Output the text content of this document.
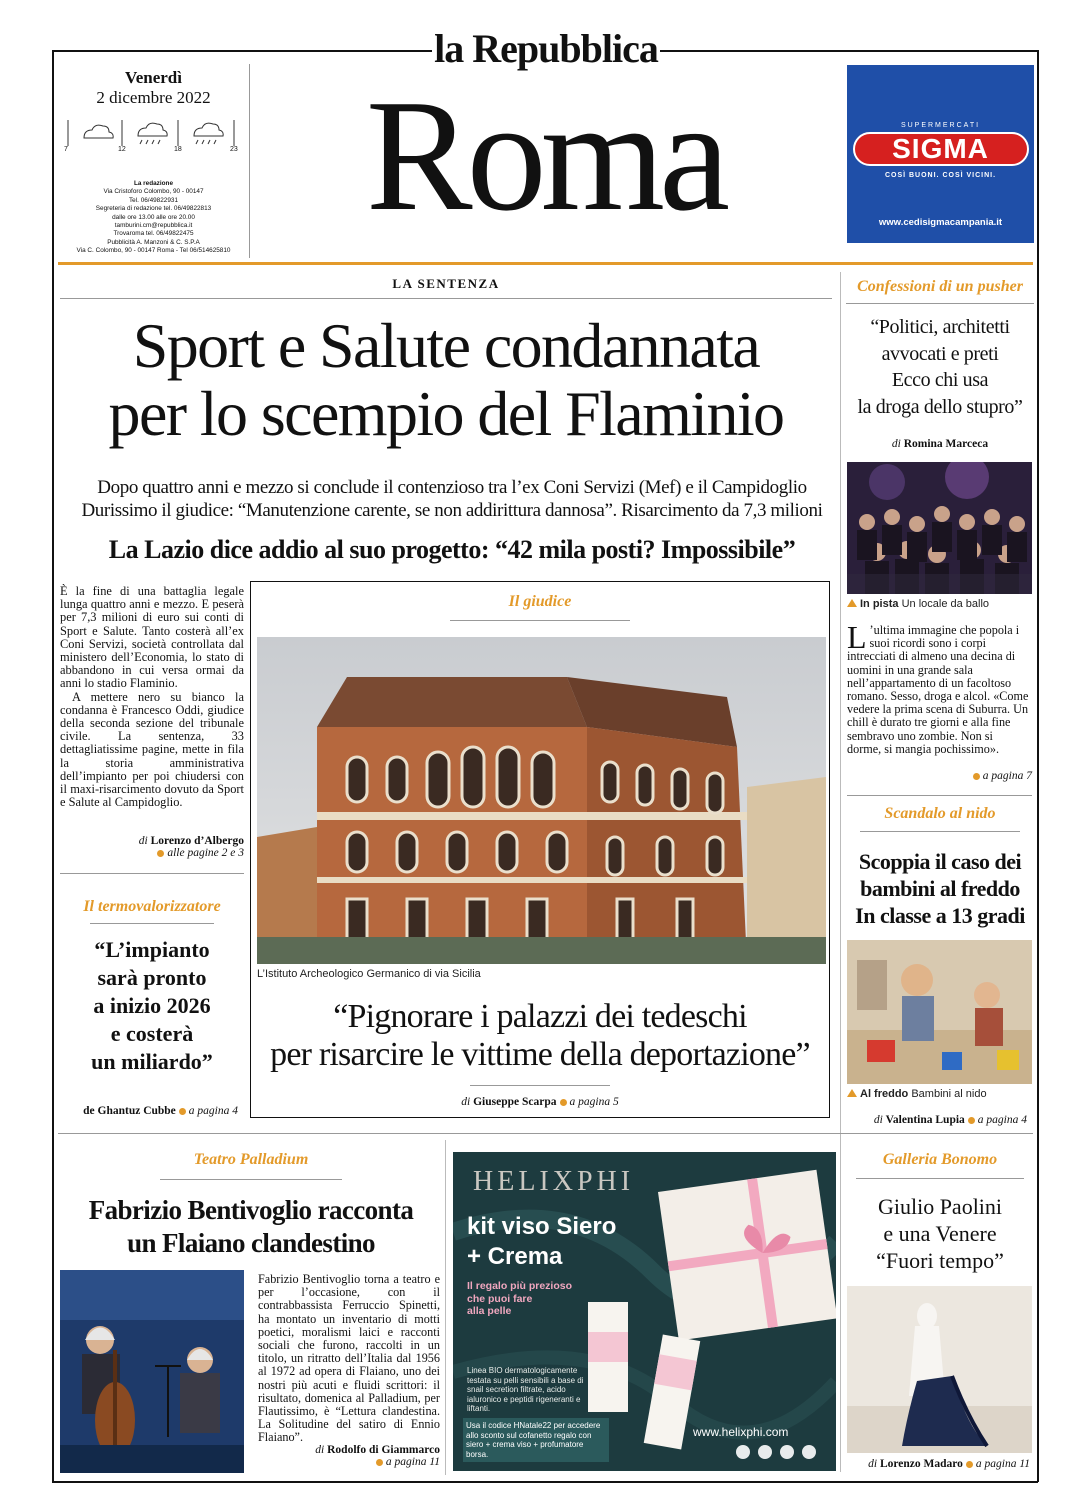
la Repubblica
Venerdì
2 dicembre 2022
7	12	18	23
La redazione
Via Cristoforo Colombo, 90 - 00147
Tel. 06/49822931
Segreteria di redazione tel. 06/49822813
dalle ore 13.00 alle ore 20.00
tamburini.cm@repubblica.it
Trovaroma tel. 06/49822475
Pubblicità A. Manzoni & C. S.P.A
Via C. Colombo, 90 - 00147 Roma - Tel 06/514625810
Roma	SUPERMERCATI
SIGMA
COSÌ BUONI. COSÌ VICINI.
www.cedisigmacampania.it
LA SENTENZA
Sport e Salute condannata
per lo scempio del Flaminio
Dopo quattro anni e mezzo si conclude il contenzioso tra l’ex Coni Servizi (Mef) e il Campidoglio
Durissimo il giudice: “Manutenzione carente, se non addirittura dannosa”. Risarcimento da 7,3 milioni
La Lazio dice addio al suo progetto: “42 mila posti? Impossibile”

È la fine di una battaglia legale lunga quattro anni e mezzo. E peserà per 7,3 milioni di euro sui conti di Sport e Salute. Tanto costerà all’ex Coni Servizi, società controllata dal ministero dell’Economia, lo stato di abbandono in cui versa ormai da anni lo stadio Flaminio.

A mettere nero su bianco la condanna è Francesco Oddi, giudice della seconda sezione del tribunale civile. La sentenza, 33 dettagliatissime pagine, mette in fila la storia amministrativa dell’impianto per poi chiudersi con il maxi-risarcimento dovuto da Sport e Salute al Campidoglio.

di Lorenzo d’Albergo
alle pagine 2 e 3
Il termovalorizzatore
“L’impianto
sarà pronto
a inizio 2026
e costerà
un miliardo”
de Ghantuz Cubbe a pagina 4
Il giudice
L’Istituto Archeologico Germanico di via Sicilia
“Pignorare i palazzi dei tedeschi
per risarcire le vittime della deportazione”
di Giuseppe Scarpa a pagina 5
Confessioni di un pusher
“Politici, architetti
avvocati e preti
Ecco chi usa
la droga dello stupro”
di Romina Marceca
In pista Un locale da ballo
L ’ultima immagine che popola i suoi ricordi sono i corpi intrecciati di almeno una decina di uomini in una grande sala nell’appartamento di un facoltoso romano. Sesso, droga e alcol. «Come vedere la prima scena di Suburra. Un chill è durato tre giorni e alla fine sembravo uno zombie. Non si dorme, si mangia pochissimo».
a pagina 7
Scandalo al nido
Scoppia il caso dei
bambini al freddo
In classe a 13 gradi
Al freddo Bambini al nido
di Valentina Lupia a pagina 4
Teatro Palladium
Fabrizio Bentivoglio racconta
un Flaiano clandestino
Fabrizio Bentivoglio torna a teatro e per l’occasione, con il contrabbassista Ferruccio Spinetti, ha montato un inventario di motti poetici, moralismi laici e racconti sociali che furono, raccolti in un titolo, un ritratto dell’Italia dal 1956 al 1972 ad opera di Flaiano, uno dei nostri più acuti e fluidi scrittori: il risultato, domenica al Palladium, per Flautissimo, è “Lettura clandestina. La Solitudine del satiro di Ennio Flaiano”.
di Rodolfo di Giammarco
a pagina 11
HELIXPHI
kit viso Siero
+ Crema
Il regalo più prezioso
che puoi fare
alla pelle
Linea BIO dermatologicamente testata su pelli sensibili a base di snail secretion filtrate, acido ialuronico e peptidi rigeneranti e liftanti.
Usa il codice HNatale22 per accedere allo sconto sul cofanetto regalo con siero + crema viso + profumatore borsa.
www.helixphi.com
Galleria Bonomo
Giulio Paolini
e una Venere
“Fuori tempo”
di Lorenzo Madaro a pagina 11
